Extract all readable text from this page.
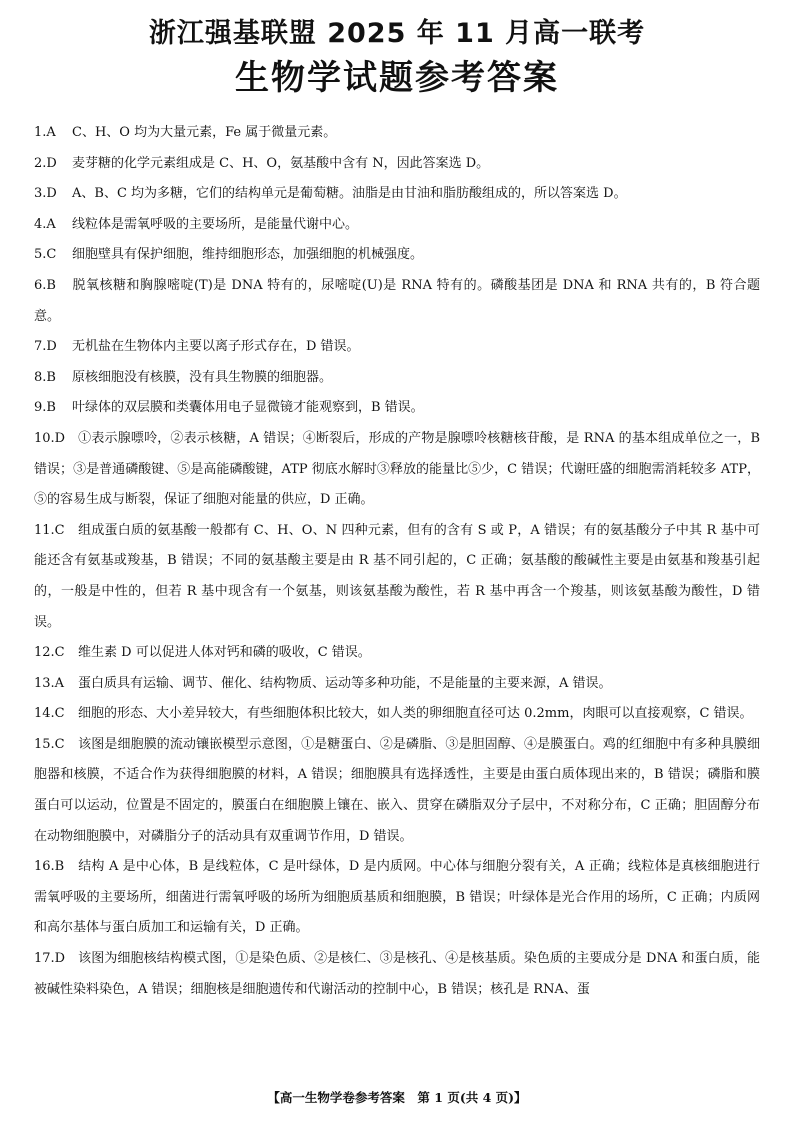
浙江强基联盟 2025 年 11 月高一联考
生物学试题参考答案
1.A C、H、O 均为大量元素，Fe 属于微量元素。
2.D 麦芽糖的化学元素组成是 C、H、O，氨基酸中含有 N，因此答案选 D。
3.D A、B、C 均为多糖，它们的结构单元是葡萄糖。油脂是由甘油和脂肪酸组成的，所以答案选 D。
4.A 线粒体是需氧呼吸的主要场所，是能量代谢中心。
5.C 细胞壁具有保护细胞，维持细胞形态，加强细胞的机械强度。
6.B 脱氧核糖和胸腺嘧啶(T)是 DNA 特有的，尿嘧啶(U)是 RNA 特有的。磷酸基团是 DNA 和 RNA 共有的，B 符合题意。
7.D 无机盐在生物体内主要以离子形式存在，D 错误。
8.B 原核细胞没有核膜，没有具生物膜的细胞器。
9.B 叶绿体的双层膜和类囊体用电子显微镜才能观察到，B 错误。
10.D ①表示腺嘌呤，②表示核糖，A 错误；④断裂后，形成的产物是腺嘌呤核糖核苷酸，是 RNA 的基本组成单位之一，B 错误；③是普通磷酸键、⑤是高能磷酸键，ATP 彻底水解时③释放的能量比⑤少，C 错误；代谢旺盛的细胞需消耗较多 ATP，⑤的容易生成与断裂，保证了细胞对能量的供应，D 正确。
11.C 组成蛋白质的氨基酸一般都有 C、H、O、N 四种元素，但有的含有 S 或 P，A 错误；有的氨基酸分子中其 R 基中可能还含有氨基或羧基，B 错误；不同的氨基酸主要是由 R 基不同引起的，C 正确；氨基酸的酸碱性主要是由氨基和羧基引起的，一般是中性的，但若 R 基中现含有一个氨基，则该氨基酸为酸性，若 R 基中再含一个羧基，则该氨基酸为酸性，D 错误。
12.C 维生素 D 可以促进人体对钙和磷的吸收，C 错误。
13.A 蛋白质具有运输、调节、催化、结构物质、运动等多种功能，不是能量的主要来源，A 错误。
14.C 细胞的形态、大小差异较大，有些细胞体积比较大，如人类的卵细胞直径可达 0.2mm，肉眼可以直接观察，C 错误。
15.C 该图是细胞膜的流动镶嵌模型示意图，①是糖蛋白、②是磷脂、③是胆固醇、④是膜蛋白。鸡的红细胞中有多种具膜细胞器和核膜，不适合作为获得细胞膜的材料，A 错误；细胞膜具有选择透性，主要是由蛋白质体现出来的，B 错误；磷脂和膜蛋白可以运动，位置是不固定的，膜蛋白在细胞膜上镶在、嵌入、贯穿在磷脂双分子层中，不对称分布，C 正确；胆固醇分布在动物细胞膜中，对磷脂分子的活动具有双重调节作用，D 错误。
16.B 结构 A 是中心体，B 是线粒体，C 是叶绿体，D 是内质网。中心体与细胞分裂有关，A 正确；线粒体是真核细胞进行需氧呼吸的主要场所，细菌进行需氧呼吸的场所为细胞质基质和细胞膜，B 错误；叶绿体是光合作用的场所，C 正确；内质网和高尔基体与蛋白质加工和运输有关，D 正确。
17.D 该图为细胞核结构模式图，①是染色质、②是核仁、③是核孔、④是核基质。染色质的主要成分是 DNA 和蛋白质，能被碱性染料染色，A 错误；细胞核是细胞遗传和代谢活动的控制中心，B 错误；核孔是 RNA、蛋
【高一生物学卷参考答案　第 1 页(共 4 页)】
